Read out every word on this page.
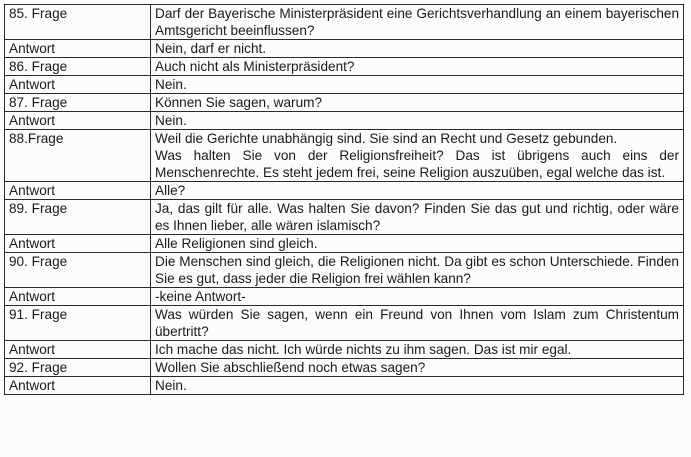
85. Frage	Darf der Bayerische Ministerpräsident eine Gerichtsverhandlung an einem bayerischen Amtsgericht beeinflussen?
Antwort	Nein, darf er nicht.
86. Frage	Auch nicht als Ministerpräsident?
Antwort	Nein.
87. Frage	Können Sie sagen, warum?
Antwort	Nein.
88.Frage	Weil die Gerichte unabhängig sind. Sie sind an Recht und Gesetz gebunden.
Was halten Sie von der Religionsfreiheit? Das ist übrigens auch eins der Menschenrechte. Es steht jedem frei, seine Religion auszuüben, egal welche das ist.
Antwort	Alle?
89. Frage	Ja, das gilt für alle. Was halten Sie davon? Finden Sie das gut und richtig, oder wäre es Ihnen lieber, alle wären islamisch?
Antwort	Alle Religionen sind gleich.
90. Frage	Die Menschen sind gleich, die Religionen nicht. Da gibt es schon Unterschiede. Finden Sie es gut, dass jeder die Religion frei wählen kann?
Antwort	-keine Antwort-
91. Frage	Was würden Sie sagen, wenn ein Freund von Ihnen vom Islam zum Christentum übertritt?
Antwort	Ich mache das nicht. Ich würde nichts zu ihm sagen. Das ist mir egal.
92. Frage	Wollen Sie abschließend noch etwas sagen?
Antwort	Nein.
